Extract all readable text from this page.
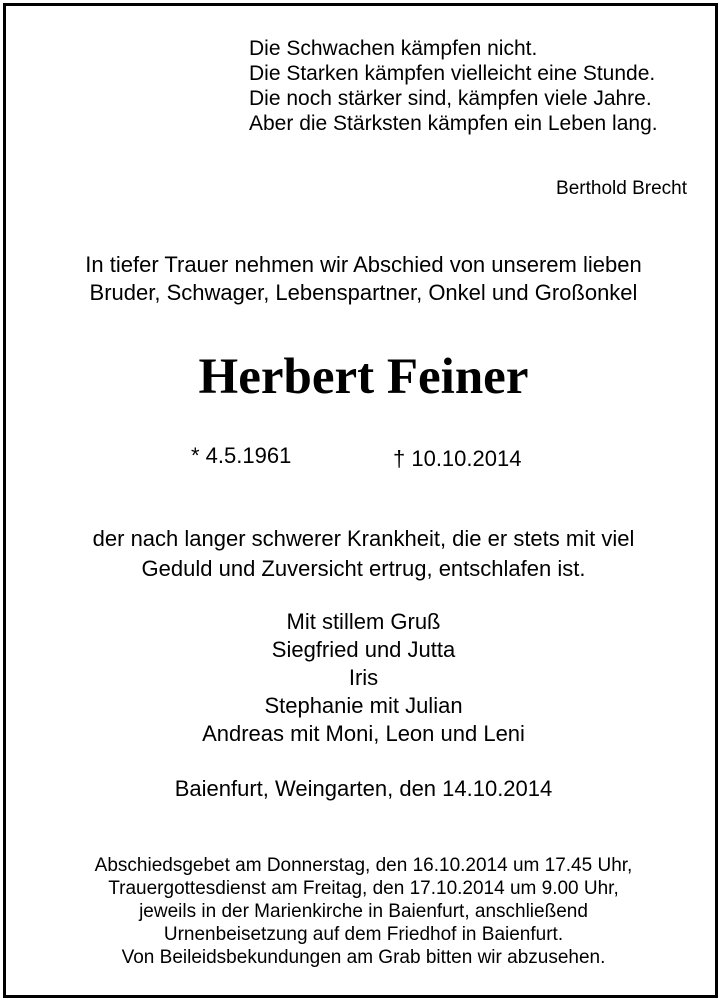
Die Schwachen kämpfen nicht.
Die Starken kämpfen vielleicht eine Stunde.
Die noch stärker sind, kämpfen viele Jahre.
Aber die Stärksten kämpfen ein Leben lang.
Berthold Brecht
In tiefer Trauer nehmen wir Abschied von unserem lieben
Bruder, Schwager, Lebenspartner, Onkel und Großonkel
Herbert Feiner
* 4.5.1961	† 10.10.2014
der nach langer schwerer Krankheit, die er stets mit viel
Geduld und Zuversicht ertrug, entschlafen ist.
Mit stillem Gruß
Siegfried und Jutta
Iris
Stephanie mit Julian
Andreas mit Moni, Leon und Leni
Baienfurt, Weingarten, den 14.10.2014
Abschiedsgebet am Donnerstag, den 16.10.2014 um 17.45 Uhr,
Trauergottesdienst am Freitag, den 17.10.2014 um 9.00 Uhr,
jeweils in der Marienkirche in Baienfurt, anschließend
Urnenbeisetzung auf dem Friedhof in Baienfurt.
Von Beileidsbekundungen am Grab bitten wir abzusehen.
